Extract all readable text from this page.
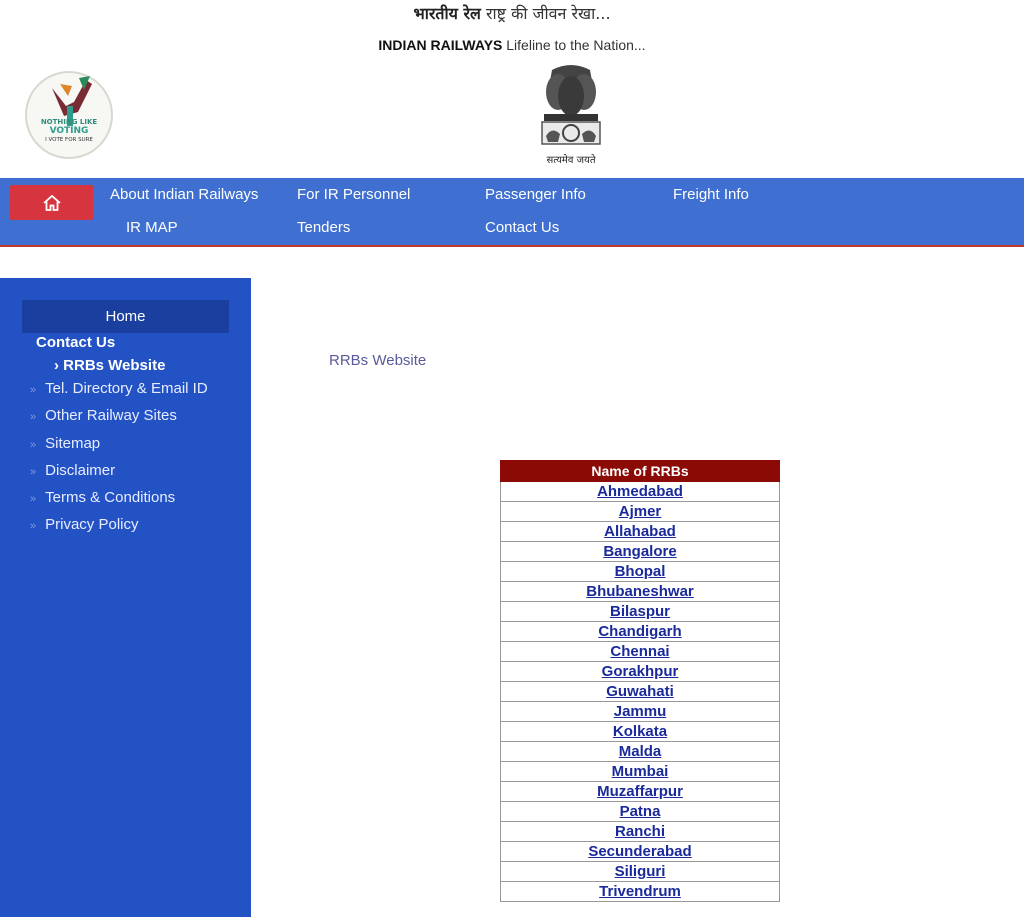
भारतीय रेल राष्ट्र की जीवन रेखा...
INDIAN RAILWAYS Lifeline to the Nation...
NOTHING LIKE
VOTING
I VOTE FOR SURE
सत्यमेव जयते
About Indian Railways	For IR Personnel	Passenger Info	Freight Info
IR MAP	Tenders	Contact Us
Home
Contact Us
› RRBs Website
» Tel. Directory & Email ID
» Other Railway Sites
» Sitemap
» Disclaimer
» Terms & Conditions
» Privacy Policy
RRBs Website
Name of RRBs
Ahmedabad
Ajmer
Allahabad
Bangalore
Bhopal
Bhubaneshwar
Bilaspur
Chandigarh
Chennai
Gorakhpur
Guwahati
Jammu
Kolkata
Malda
Mumbai
Muzaffarpur
Patna
Ranchi
Secunderabad
Siliguri
Trivendrum
